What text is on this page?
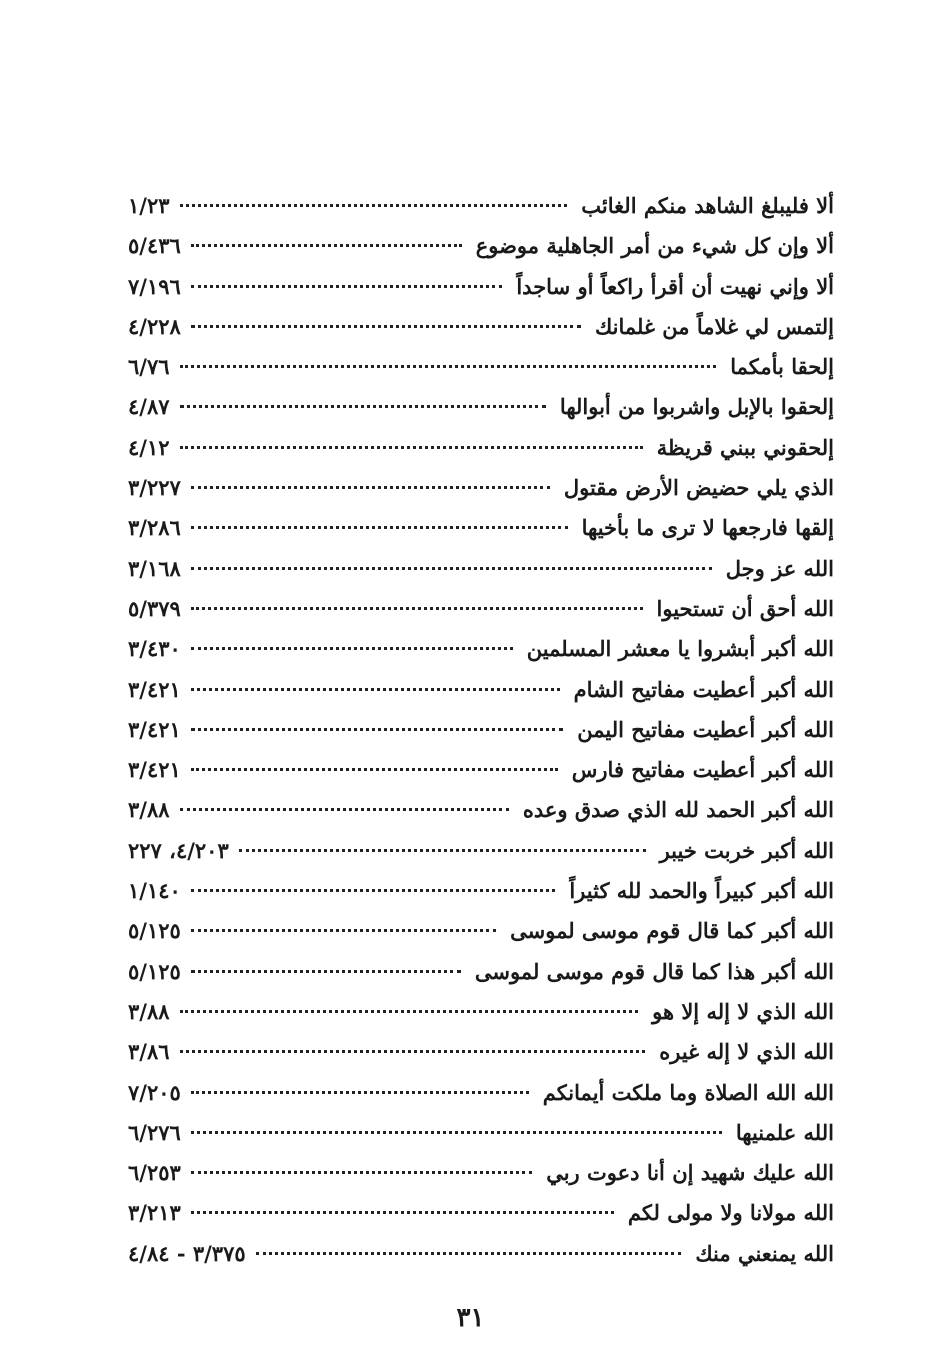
ألا فليبلغ الشاهد منكم الغائب
١/٢٣
ألا وإن كل شيء من أمر الجاهلية موضوع
٥/٤٣٦
ألا وإني نهيت أن أقرأ راكعاً أو ساجداً
٧/١٩٦
إلتمس لي غلاماً من غلمانك
٤/٢٢٨
إلحقا بأمكما
٦/٧٦
إلحقوا بالإبل واشربوا من أبوالها
٤/٨٧
إلحقوني ببني قريظة
٤/١٢
الذي يلي حضيض الأرض مقتول
٣/٢٢٧
إلقها فارجعها لا ترى ما بأخيها
٣/٢٨٦
الله عز وجل
٣/١٦٨
الله أحق أن تستحيوا
٥/٣٧٩
الله أكبر أبشروا يا معشر المسلمين
٣/٤٣٠
الله أكبر أعطيت مفاتيح الشام
٣/٤٢١
الله أكبر أعطيت مفاتيح اليمن
٣/٤٢١
الله أكبر أعطيت مفاتيح فارس
٣/٤٢١
الله أكبر الحمد لله الذي صدق وعده
٣/٨٨
الله أكبر خربت خيبر
٤/٢٠٣، ٢٢٧
الله أكبر كبيراً والحمد لله كثيراً
١/١٤٠
الله أكبر كما قال قوم موسى لموسى
٥/١٢٥
الله أكبر هذا كما قال قوم موسى لموسى
٥/١٢٥
الله الذي لا إله إلا هو
٣/٨٨
الله الذي لا إله غيره
٣/٨٦
الله الله الصلاة وما ملكت أيمانكم
٧/٢٠٥
الله علمنيها
٦/٢٧٦
الله عليك شهيد إن أنا دعوت ربي
٦/٢٥٣
الله مولانا ولا مولى لكم
٣/٢١٣
الله يمنعني منك
٣/٣٧٥ - ٤/٨٤
٣١
